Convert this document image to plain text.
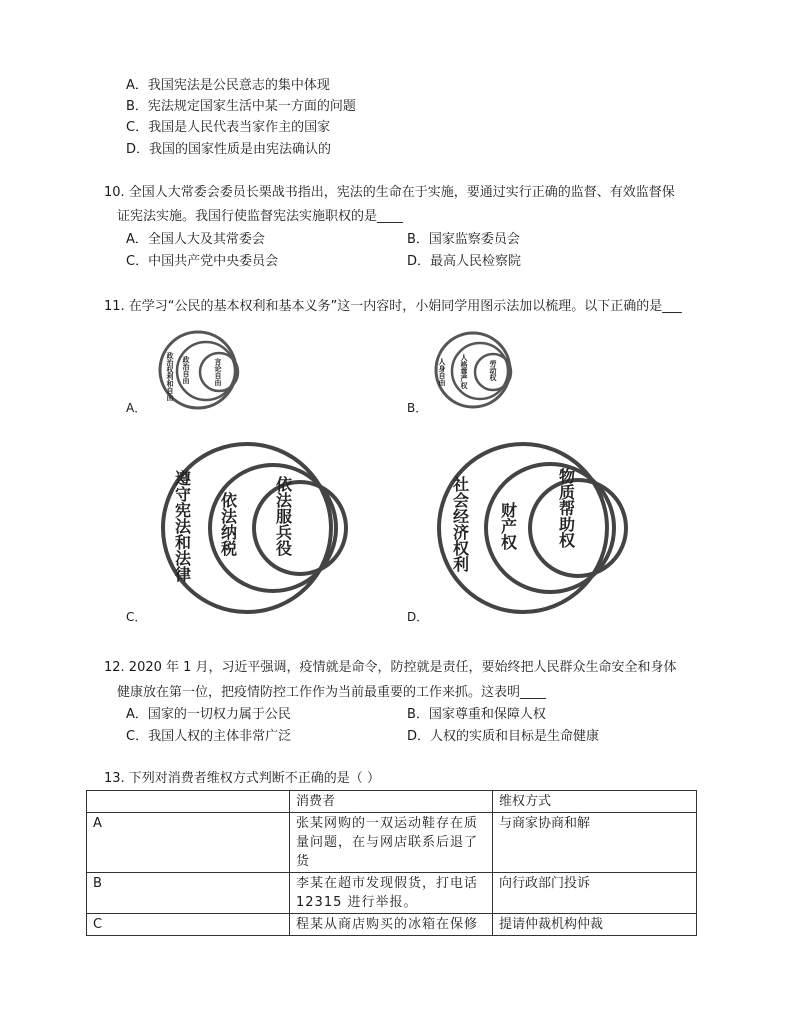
A．我国宪法是公民意志的集中体现
B．宪法规定国家生活中某一方面的问题
C．我国是人民代表当家作主的国家
D．我国的国家性质是由宪法确认的
10. 全国人大常委会委员长栗战书指出，宪法的生命在于实施，要通过实行正确的监督、有效监督保
证宪法实施。我国行使监督宪法实施职权的是____
A．全国人大及其常委会	B．国家监察委员会
C．中国共产党中央委员会	D．最高人民检察院
11. 在学习“公民的基本权利和基本义务”这一内容时，小娟同学用图示法加以梳理。以下正确的是___
政治权利和自由 政治自由	言论自由
A．
人身自由 人格尊严权	劳动权
B．
遵守宪法和法律 依法纳税 依法服兵役
C．
社会经济权利 财产权 物质帮助权
D．
12. 2020 年 1 月，习近平强调，疫情就是命令，防控就是责任，要始终把人民群众生命安全和身体
健康放在第一位，把疫情防控工作作为当前最重要的工作来抓。这表明____
A．国家的一切权力属于公民	B．国家尊重和保障人权
C．我国人权的主体非常广泛	D．人权的实质和目标是生命健康
13. 下列对消费者维权方式判断不正确的是（ ）
	消费者	维权方式
A	张某网购的一双运动鞋存在质量问题，在与网店联系后退了货	与商家协商和解
B	李某在超市发现假货，打电话12315 进行举报。	向行政部门投诉
C	程某从商店购买的冰箱在保修	提请仲裁机构仲裁
